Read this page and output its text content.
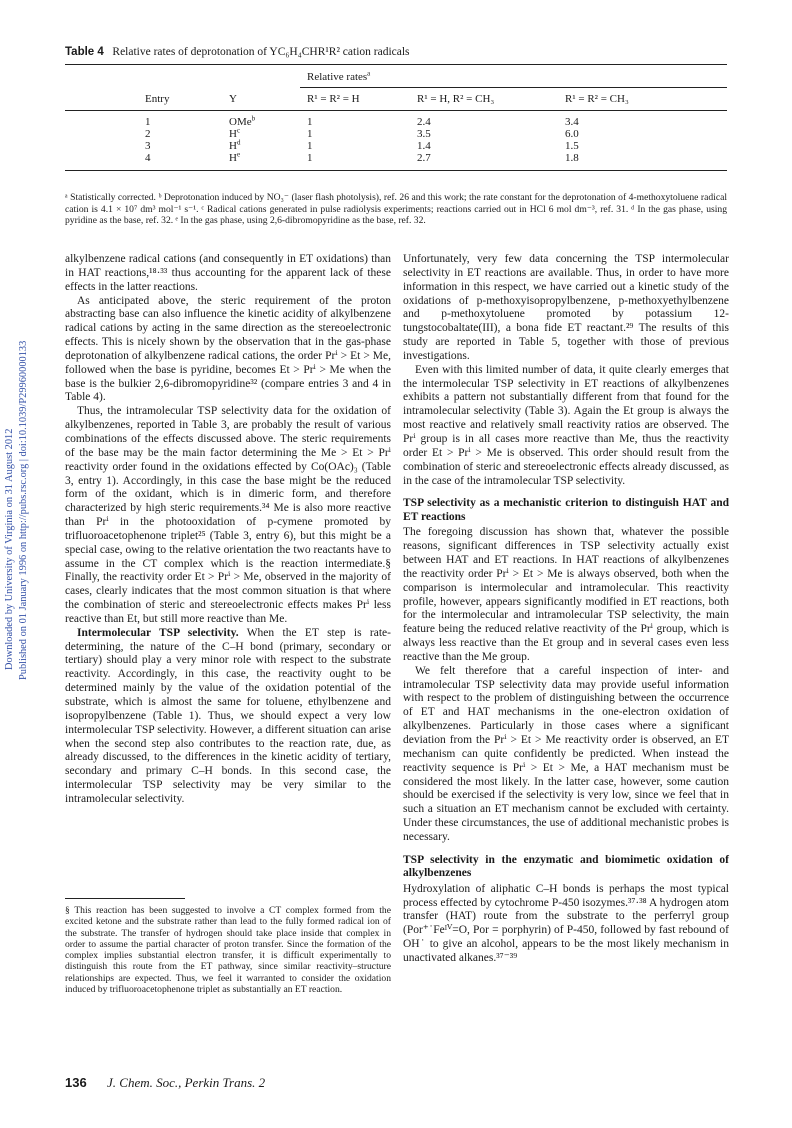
Table 4 Relative rates of deprotonation of YC₆H₄CHR¹R² cation radicals
Relative rates$^a$
Entry	Y	R¹ = R² = H	R¹ = H, R² = CH₃	R¹ = R² = CH₃
1	OMe$^b$	1	2.4	3.4
2	$H^c$	1	3.5	6.0
3	$H^d$	1	1.4	1.5
4	$H^e$	1	2.7	1.8
ᵃ Statistically corrected. ᵇ Deprotonation induced by NO₃⁻ (laser flash photolysis), ref. 26 and this work; the rate constant for the deprotonation of 4-methoxytoluene radical cation is 4.1 × 10⁷ dm³ mol⁻¹ s⁻¹. ᶜ Radical cations generated in pulse radiolysis experiments; reactions carried out in HCl 6 mol dm⁻³, ref. 31. ᵈ In the gas phase, using pyridine as the base, ref. 32. ᵉ In the gas phase, using 2,6-dibromopyridine as the base, ref. 32.
Downloaded by University of Virginia on 31 August 2012 Published on 01 January 1996 on http://pubs.rsc.org | doi:10.1039/P29960000133

alkylbenzene radical cations (and consequently in ET oxidations) than in HAT reactions,¹⁸·³³ thus accounting for the apparent lack of these effects in the latter reactions.

As anticipated above, the steric requirement of the proton abstracting base can also influence the kinetic acidity of alkylbenzene radical cations by acting in the same direction as the stereoelectronic effects. This is nicely shown by the observation that in the gas-phase deprotonation of alkylbenzene radical cations, the order Prⁱ > Et > Me, followed when the base is pyridine, becomes Et > Prⁱ > Me when the base is the bulkier 2,6-dibromopyridine³² (compare entries 3 and 4 in Table 4).

Thus, the intramolecular TSP selectivity data for the oxidation of alkylbenzenes, reported in Table 3, are probably the result of various combinations of the effects discussed above. The steric requirements of the base may be the main factor determining the Me > Et > Prⁱ reactivity order found in the oxidations effected by Co(OAc)₃ (Table 3, entry 1). Accordingly, in this case the base might be the reduced form of the oxidant, which is in dimeric form, and therefore characterized by high steric requirements.³⁴ Me is also more reactive than Prⁱ in the photooxidation of p-cymene promoted by trifluoroacetophenone triplet²⁵ (Table 3, entry 6), but this might be a special case, owing to the relative orientation the two reactants have to assume in the CT complex which is the reaction intermediate.§ Finally, the reactivity order Et > Prⁱ > Me, observed in the majority of cases, clearly indicates that the most common situation is that where the combination of steric and stereoelectronic effects makes Prⁱ less reactive than Et, but still more reactive than Me.

Intermolecular TSP selectivity. When the ET step is rate-determining, the nature of the C–H bond (primary, secondary or tertiary) should play a very minor role with respect to the substrate reactivity. Accordingly, in this case, the reactivity ought to be determined mainly by the value of the oxidation potential of the substrate, which is almost the same for toluene, ethylbenzene and isopropylbenzene (Table 1). Thus, we should expect a very low intermolecular TSP selectivity. However, a different situation can arise when the second step also contributes to the reaction rate, due, as already discussed, to the differences in the kinetic acidity of tertiary, secondary and primary C–H bonds. In this second case, the intermolecular TSP selectivity may be very similar to the intramolecular selectivity.

§ This reaction has been suggested to involve a CT complex formed from the excited ketone and the substrate rather than lead to the fully formed radical ion of the substrate. The transfer of hydrogen should take place inside that complex in order to assume the partial character of proton transfer. Since the formation of the complex implies substantial electron transfer, it is difficult experimentally to distinguish this route from the ET pathway, since similar reactivity–structure relationships are expected. Thus, we feel it warranted to consider the oxidation induced by trifluoroacetophenone triplet as substantially an ET reaction.

Unfortunately, very few data concerning the TSP intermolecular selectivity in ET reactions are available. Thus, in order to have more information in this respect, we have carried out a kinetic study of the oxidations of p-methoxyisopropylbenzene, p-methoxyethylbenzene and p-methoxytoluene promoted by potassium 12-tungstocobaltate(III), a bona fide ET reactant.²⁹ The results of this study are reported in Table 5, together with those of previous investigations.

Even with this limited number of data, it quite clearly emerges that the intermolecular TSP selectivity in ET reactions of alkylbenzenes exhibits a pattern not substantially different from that found for the intramolecular selectivity (Table 3). Again the Et group is always the most reactive and relatively small reactivity ratios are observed. The Prⁱ group is in all cases more reactive than Me, thus the reactivity order Et > Prⁱ > Me is observed. This order should result from the combination of steric and stereoelectronic effects already discussed, as in the case of the intramolecular TSP selectivity.

TSP selectivity as a mechanistic criterion to distinguish HAT and ET reactions

The foregoing discussion has shown that, whatever the possible reasons, significant differences in TSP selectivity actually exist between HAT and ET reactions. In HAT reactions of alkylbenzenes the reactivity order Prⁱ > Et > Me is always observed, both when the comparison is intermolecular and intramolecular. This reactivity profile, however, appears significantly modified in ET reactions, both for the intermolecular and intramolecular TSP selectivity, the main feature being the reduced relative reactivity of the Prⁱ group, which is always less reactive than the Et group and in several cases even less reactive than the Me group.

We felt therefore that a careful inspection of inter- and intramolecular TSP selectivity data may provide useful information with respect to the problem of distinguishing between the occurrence of ET and HAT mechanisms in the one-electron oxidation of alkylbenzenes. Particularly in those cases where a significant deviation from the Prⁱ > Et > Me reactivity order is observed, an ET mechanism can quite confidently be predicted. When instead the reactivity sequence is Prⁱ > Et > Me, a HAT mechanism must be considered the most likely. In the latter case, however, some caution should be exercised if the selectivity is very low, since we feel that in such a situation an ET mechanism cannot be excluded with certainty. Under these circumstances, the use of additional mechanistic probes is necessary.

TSP selectivity in the enzymatic and biomimetic oxidation of alkylbenzenes

Hydroxylation of aliphatic C–H bonds is perhaps the most typical process effected by cytochrome P-450 isozymes.³⁷·³⁸ A hydrogen atom transfer (HAT) route from the substrate to the perferryl group (Por⁺˙Feᴵⱽ=O, Por = porphyrin) of P-450, followed by fast rebound of OH˙ to give an alcohol, appears to be the most likely mechanism in unactivated alkanes.³⁷⁻³⁹

136 J. Chem. Soc., Perkin Trans. 2
